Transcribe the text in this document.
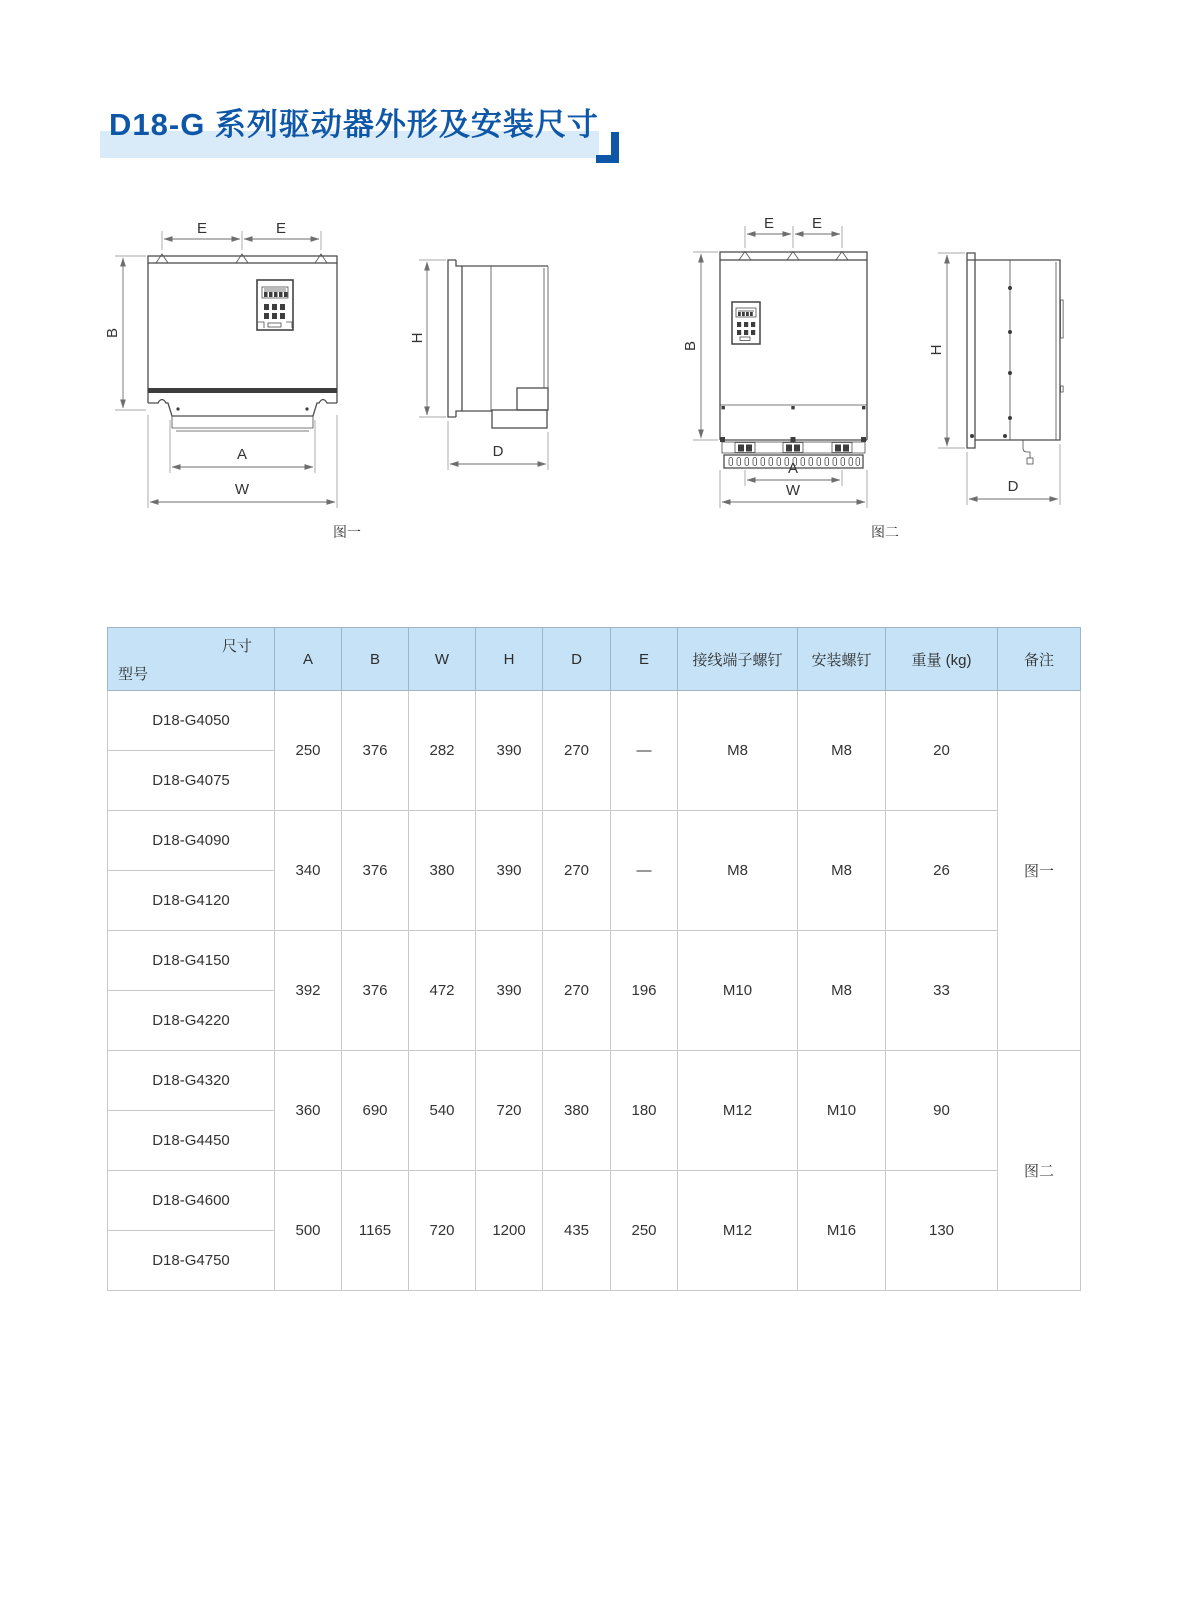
D18-G 系列驱动器外形及安装尺寸
E	E
B
A
W
H
D
图一
E	E
B
A
W
H
D
图二
尺寸
型号	A	B	W	H	D	E	接线端子螺钉	安装螺钉	重量 (kg)	备注
D18-G4050	250	376	282	390	270	—	M8	M8	20	图一
D18-G4075										
D18-G4090	340	376	380	390	270	—	M8	M8	26	
D18-G4120										
D18-G4150	392	376	472	390	270	196	M10	M8	33	
D18-G4220										
D18-G4320	360	690	540	720	380	180	M12	M10	90	图二
D18-G4450										
D18-G4600	500	1165	720	1200	435	250	M12	M16	130	
D18-G4750										
